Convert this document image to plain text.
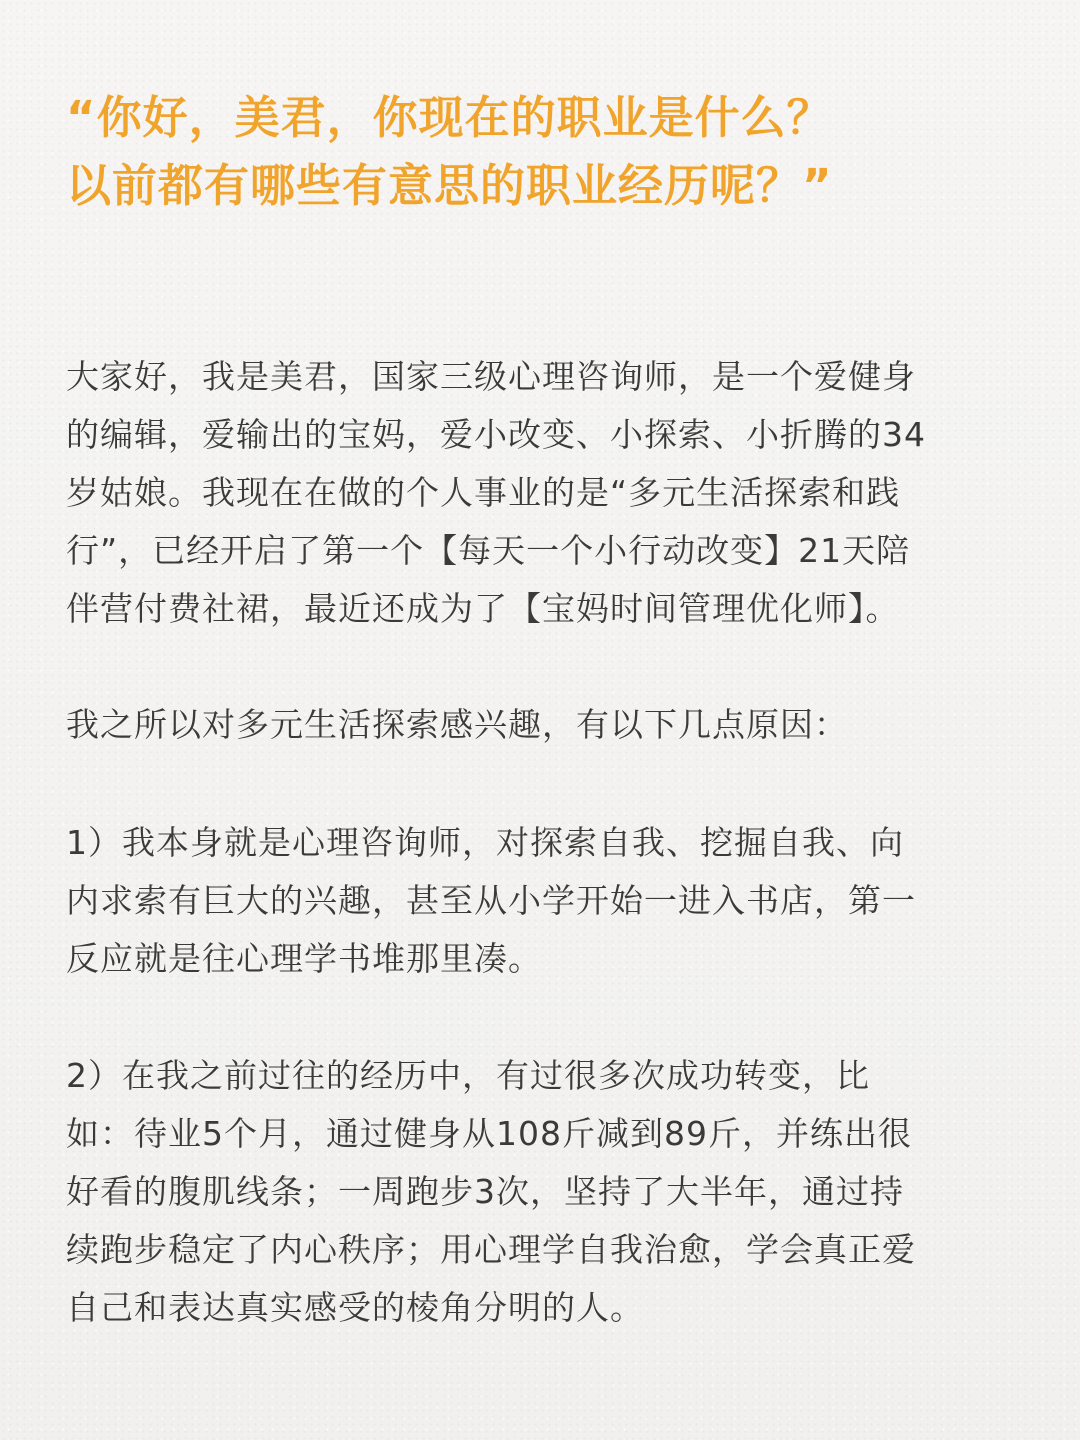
“你好，美君，你现在的职业是什么？
以前都有哪些有意思的职业经历呢？”

大家好，我是美君，国家三级心理咨询师，是一个爱健身
的编辑，爱输出的宝妈，爱小改变、小探索、小折腾的34
岁姑娘。我现在在做的个人事业的是“多元生活探索和践
行”，已经开启了第一个【每天一个小行动改变】21天陪
伴营付费社裙，最近还成为了【宝妈时间管理优化师】。

我之所以对多元生活探索感兴趣，有以下几点原因：

1）我本身就是心理咨询师，对探索自我、挖掘自我、向
内求索有巨大的兴趣，甚至从小学开始一进入书店，第一
反应就是往心理学书堆那里凑。

2）在我之前过往的经历中，有过很多次成功转变，比
如：待业5个月，通过健身从108斤减到89斤，并练出很
好看的腹肌线条；一周跑步3次，坚持了大半年，通过持
续跑步稳定了内心秩序；用心理学自我治愈，学会真正爱
自己和表达真实感受的棱角分明的人。
